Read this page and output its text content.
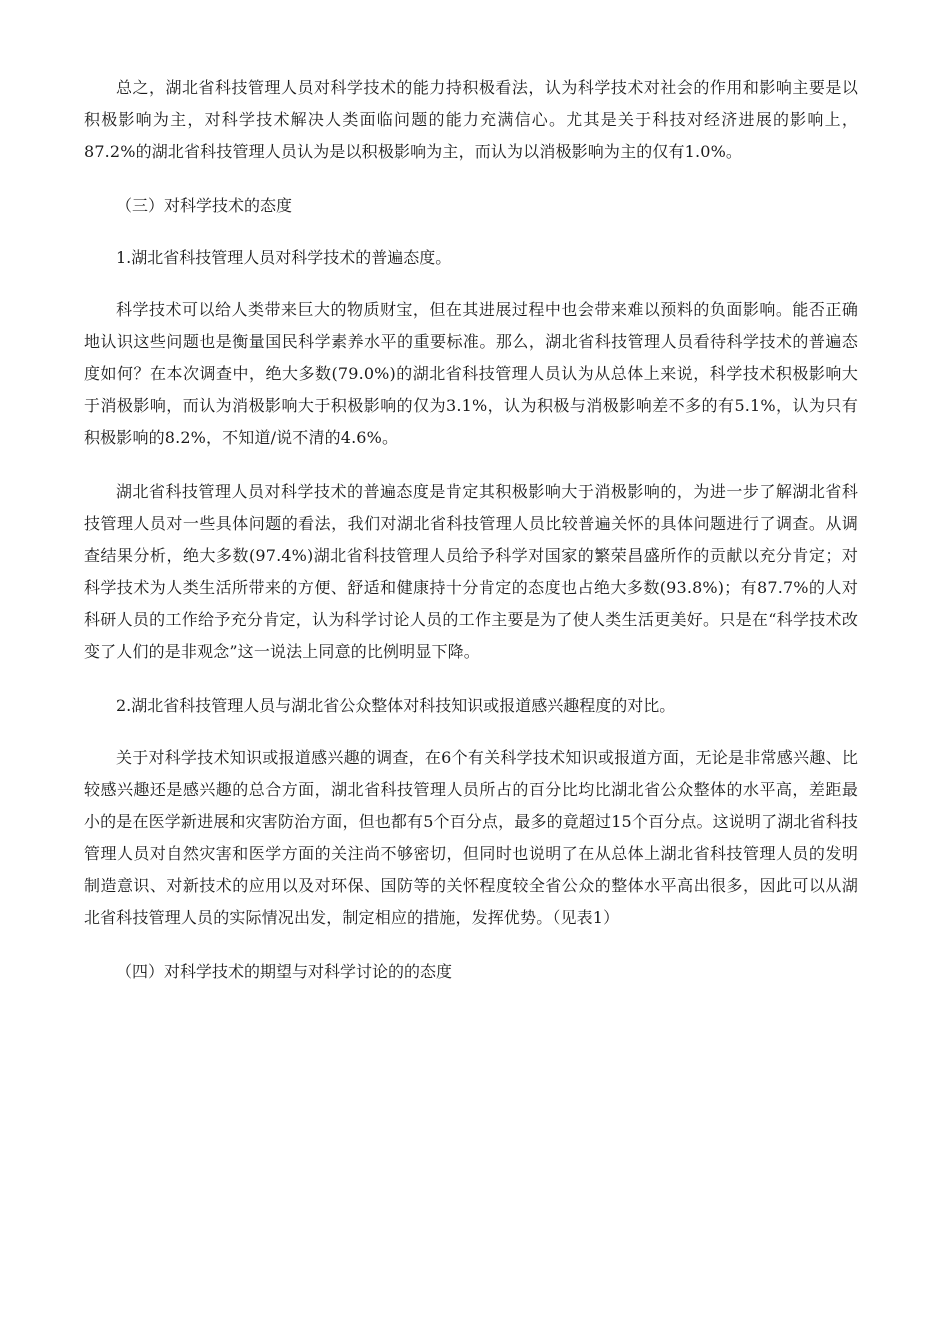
总之，湖北省科技管理人员对科学技术的能力持积极看法，认为科学技术对社会的作用和影响主要是以积极影响为主，对科学技术解决人类面临问题的能力充满信心。尤其是关于科技对经济进展的影响上，87.2%的湖北省科技管理人员认为是以积极影响为主，而认为以消极影响为主的仅有1.0%。

（三）对科学技术的态度

1.湖北省科技管理人员对科学技术的普遍态度。

科学技术可以给人类带来巨大的物质财宝，但在其进展过程中也会带来难以预料的负面影响。能否正确地认识这些问题也是衡量国民科学素养水平的重要标准。那么，湖北省科技管理人员看待科学技术的普遍态度如何？在本次调查中，绝大多数(79.0%)的湖北省科技管理人员认为从总体上来说，科学技术积极影响大于消极影响，而认为消极影响大于积极影响的仅为3.1%，认为积极与消极影响差不多的有5.1%，认为只有积极影响的8.2%，不知道/说不清的4.6%。

湖北省科技管理人员对科学技术的普遍态度是肯定其积极影响大于消极影响的，为进一步了解湖北省科技管理人员对一些具体问题的看法，我们对湖北省科技管理人员比较普遍关怀的具体问题进行了调查。从调查结果分析，绝大多数(97.4%)湖北省科技管理人员给予科学对国家的繁荣昌盛所作的贡献以充分肯定；对科学技术为人类生活所带来的方便、舒适和健康持十分肯定的态度也占绝大多数(93.8%)；有87.7%的人对科研人员的工作给予充分肯定，认为科学讨论人员的工作主要是为了使人类生活更美好。只是在“科学技术改变了人们的是非观念”这一说法上同意的比例明显下降。

2.湖北省科技管理人员与湖北省公众整体对科技知识或报道感兴趣程度的对比。

关于对科学技术知识或报道感兴趣的调查，在6个有关科学技术知识或报道方面，无论是非常感兴趣、比较感兴趣还是感兴趣的总合方面，湖北省科技管理人员所占的百分比均比湖北省公众整体的水平高，差距最小的是在医学新进展和灾害防治方面，但也都有5个百分点，最多的竟超过15个百分点。这说明了湖北省科技管理人员对自然灾害和医学方面的关注尚不够密切，但同时也说明了在从总体上湖北省科技管理人员的发明制造意识、对新技术的应用以及对环保、国防等的关怀程度较全省公众的整体水平高出很多，因此可以从湖北省科技管理人员的实际情况出发，制定相应的措施，发挥优势。（见表1）

（四）对科学技术的期望与对科学讨论的的态度
